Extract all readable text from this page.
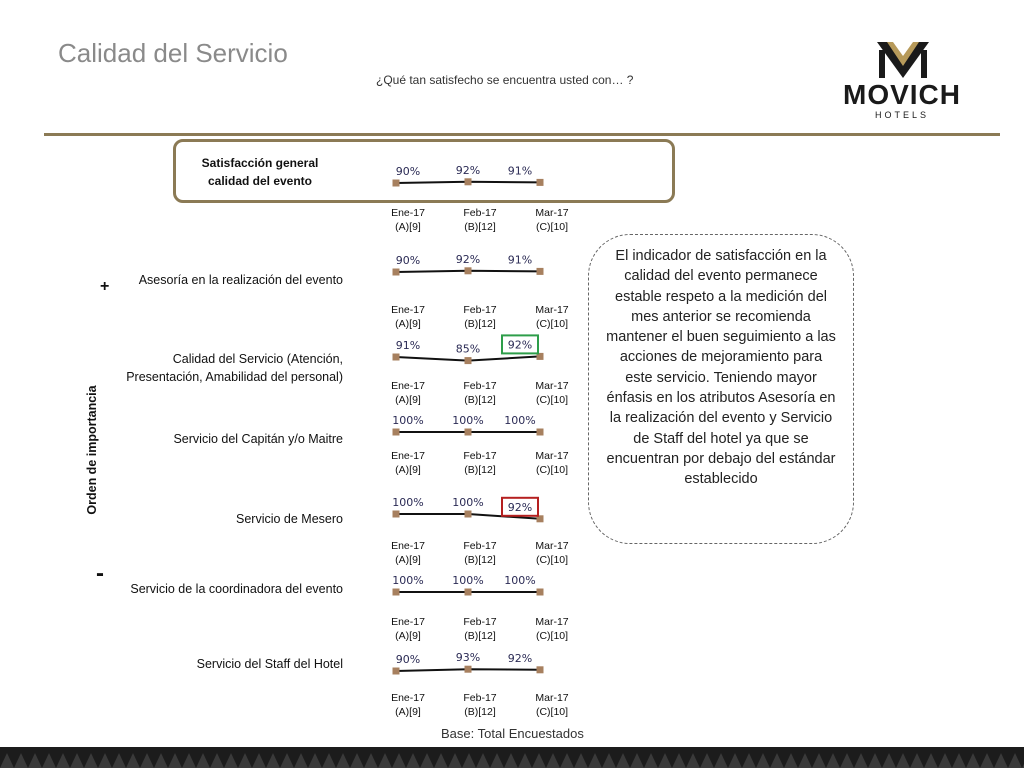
Calidad del Servicio
¿Qué tan satisfecho se encuentra usted con… ?	MOVICH
HOTELS
Satisfacción general calidad del evento
Asesoría en la realización del evento
Calidad del Servicio (Atención, Presentación, Amabilidad del personal)
Servicio del Capitán y/o Maitre
Servicio de Mesero
Servicio de la coordinadora del evento
Servicio del Staff del Hotel
Orden de importancia
+
-
90%
Ene-17
(A)[9]
92%
Feb-17
(B)[12]
91%
Mar-17
(C)[10]
90%
Ene-17
(A)[9]
92%
Feb-17
(B)[12]
91%
Mar-17
(C)[10]
91%
Ene-17
(A)[9]
85%
Feb-17
(B)[12]
92%
Mar-17
(C)[10]
100%
Ene-17
(A)[9]
100%
Feb-17
(B)[12]
100%
Mar-17
(C)[10]
100%
Ene-17
(A)[9]
100%
Feb-17
(B)[12]
92%
Mar-17
(C)[10]
100%
Ene-17
(A)[9]
100%
Feb-17
(B)[12]
100%
Mar-17
(C)[10]
90%
Ene-17
(A)[9]
93%
Feb-17
(B)[12]
92%
Mar-17
(C)[10]
El indicador de satisfacción en la calidad del evento permanece estable respeto a la medición del mes anterior se recomienda mantener el buen seguimiento a las acciones de mejoramiento para este servicio. Teniendo mayor énfasis en los atributos Asesoría en la realización del evento y Servicio de Staff del hotel ya que se encuentran por debajo del estándar establecido
Base: Total Encuestados
